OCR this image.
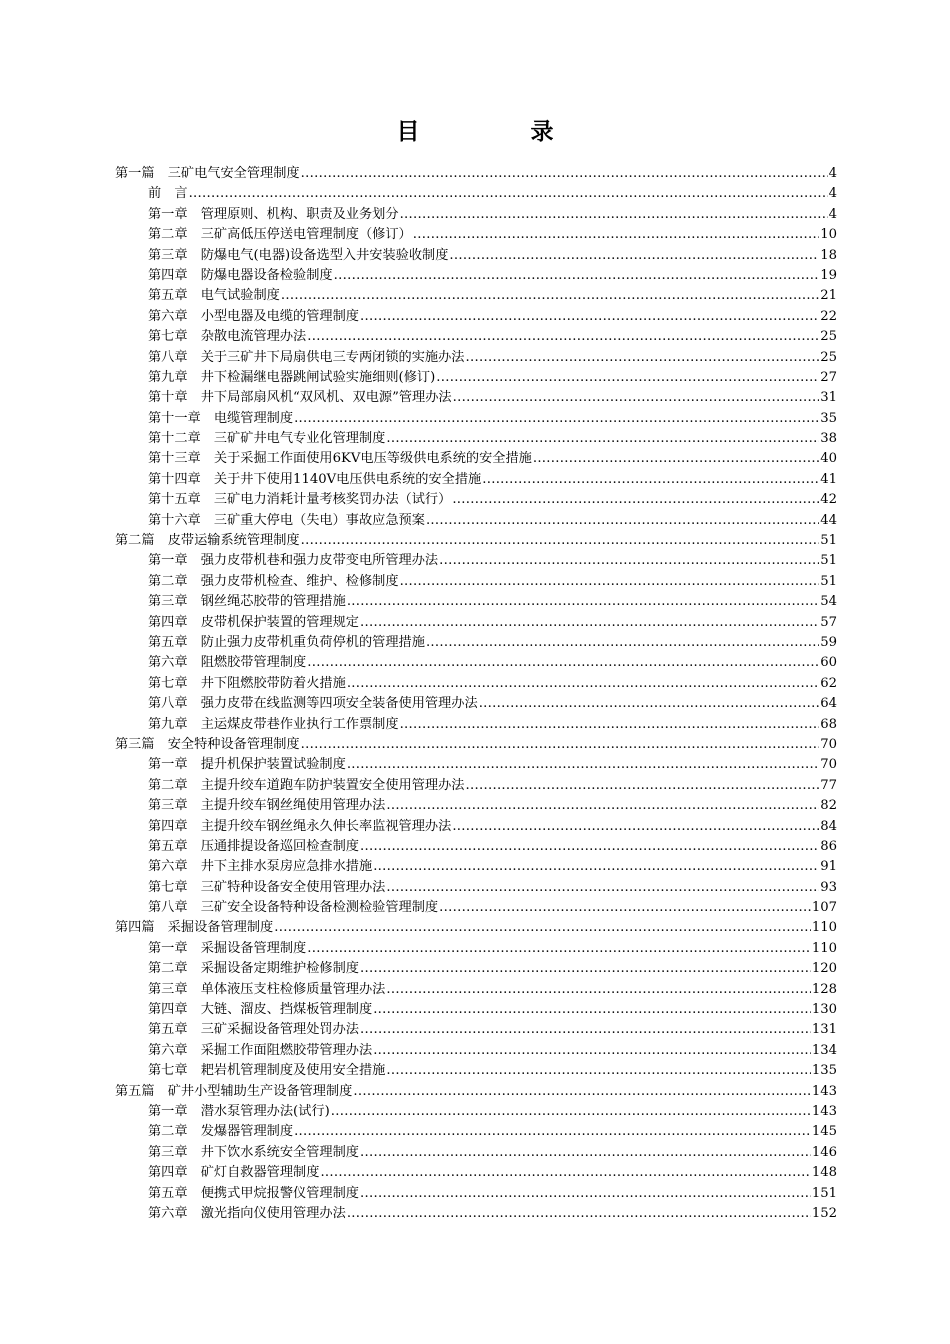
目　录
第一篇　三矿电气安全管理制度 .....	4
前　言 .....	4
第一章　管理原则、机构、职责及业务划分 .....	4
第二章　三矿高低压停送电管理制度（修订） .....	10
第三章　防爆电气(电器)设备选型入井安装验收制度 .....	18
第四章　防爆电器设备检验制度 .....	19
第五章　电气试验制度 .....	21
第六章　小型电器及电缆的管理制度 .....	22
第七章　杂散电流管理办法 .....	25
第八章　关于三矿井下局扇供电三专两闭锁的实施办法 .....	25
第九章　井下检漏继电器跳闸试验实施细则(修订) .....	27
第十章　井下局部扇风机“双风机、双电源”管理办法 .....	31
第十一章　电缆管理制度 .....	35
第十二章　三矿矿井电气专业化管理制度 .....	38
第十三章　关于采掘工作面使用6KV电压等级供电系统的安全措施 .....	40
第十四章　关于井下使用1140V电压供电系统的安全措施 .....	41
第十五章　三矿电力消耗计量考核奖罚办法（试行） .....	42
第十六章　三矿重大停电（失电）事故应急预案 .....	44
第二篇　皮带运输系统管理制度 .....	51
第一章　强力皮带机巷和强力皮带变电所管理办法 .....	51
第二章　强力皮带机检查、维护、检修制度 .....	51
第三章　钢丝绳芯胶带的管理措施 .....	54
第四章　皮带机保护装置的管理规定 .....	57
第五章　防止强力皮带机重负荷停机的管理措施 .....	59
第六章　阻燃胶带管理制度 .....	60
第七章　井下阻燃胶带防着火措施 .....	62
第八章　强力皮带在线监测等四项安全装备使用管理办法 .....	64
第九章　主运煤皮带巷作业执行工作票制度 .....	68
第三篇　安全特种设备管理制度 .....	70
第一章　提升机保护装置试验制度 .....	70
第二章　主提升绞车道跑车防护装置安全使用管理办法 .....	77
第三章　主提升绞车钢丝绳使用管理办法 .....	82
第四章　主提升绞车钢丝绳永久伸长率监视管理办法 .....	84
第五章　压通排提设备巡回检查制度 .....	86
第六章　井下主排水泵房应急排水措施 .....	91
第七章　三矿特种设备安全使用管理办法 .....	93
第八章　三矿安全设备特种设备检测检验管理制度 .....	107
第四篇　采掘设备管理制度 .....	110
第一章　采掘设备管理制度 .....	110
第二章　采掘设备定期维护检修制度 .....	120
第三章　单体液压支柱检修质量管理办法 .....	128
第四章　大链、溜皮、挡煤板管理制度 .....	130
第五章　三矿采掘设备管理处罚办法 .....	131
第六章　采掘工作面阻燃胶带管理办法 .....	134
第七章　耙岩机管理制度及使用安全措施 .....	135
第五篇　矿井小型辅助生产设备管理制度 .....	143
第一章　潜水泵管理办法(试行) .....	143
第二章　发爆器管理制度 .....	145
第三章　井下饮水系统安全管理制度 .....	146
第四章　矿灯自救器管理制度 .....	148
第五章　便携式甲烷报警仪管理制度 .....	151
第六章　激光指向仪使用管理办法 .....	152
